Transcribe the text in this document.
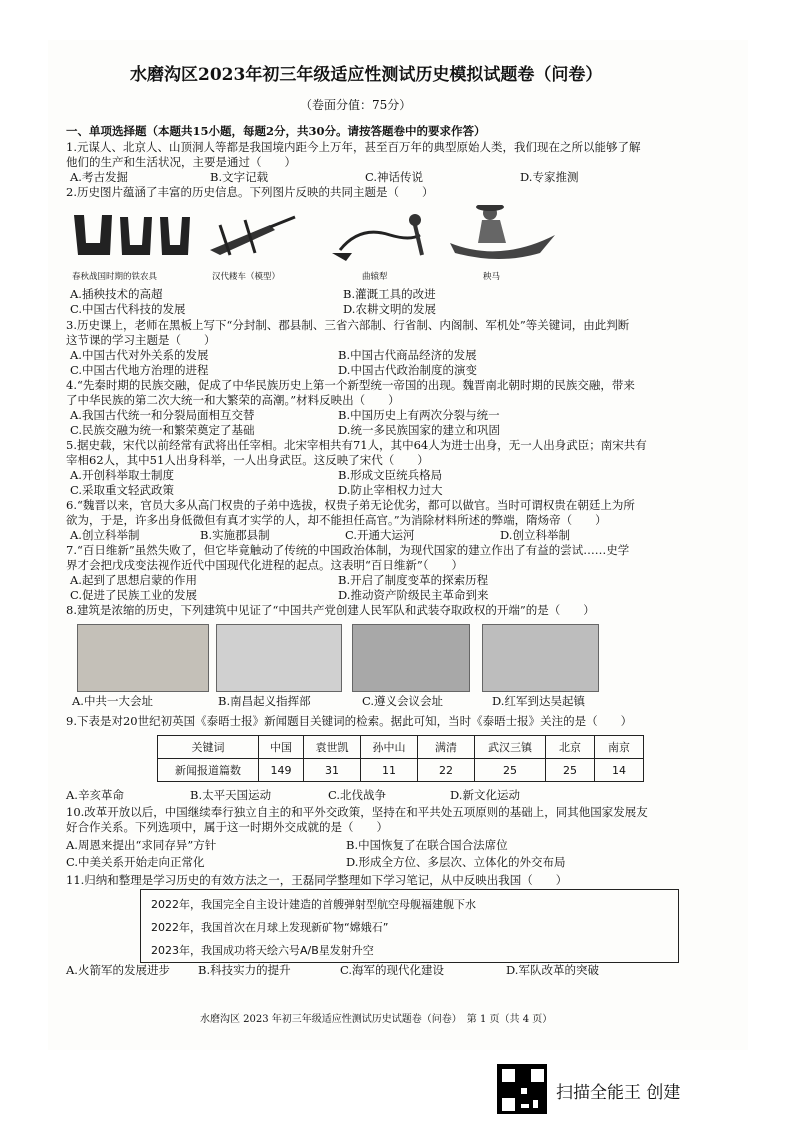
水磨沟区2023年初三年级适应性测试历史模拟试题卷（问卷）
（卷面分值：75分）
一、单项选择题（本题共15小题，每题2分，共30分。请按答题卷中的要求作答）
1.元谋人、北京人、山顶洞人等都是我国境内距今上万年，甚至百万年的典型原始人类，我们现在之所以能够了解
他们的生产和生活状况，主要是通过（　　）
A.考古发掘	B.文字记载	C.神话传说	D.专家推测
2.历史图片蕴涵了丰富的历史信息。下列图片反映的共同主题是（　　）
春秋战国时期的铁农具	汉代耧车（模型）	曲辕犁	秧马
A.插秧技术的高超	B.灌溉工具的改进
C.中国古代科技的发展	D.农耕文明的发展
3.历史课上，老师在黑板上写下“分封制、郡县制、三省六部制、行省制、内阁制、军机处”等关键词，由此判断
这节课的学习主题是（　　）
A.中国古代对外关系的发展	B.中国古代商品经济的发展
C.中国古代地方治理的进程	D.中国古代政治制度的演变
4.“先秦时期的民族交融，促成了中华民族历史上第一个新型统一帝国的出现。魏晋南北朝时期的民族交融，带来
了中华民族的第二次大统一和大繁荣的高潮。”材料反映出（　　）
A.我国古代统一和分裂局面相互交替	B.中国历史上有两次分裂与统一
C.民族交融为统一和繁荣奠定了基础	D.统一多民族国家的建立和巩固
5.据史载，宋代以前经常有武将出任宰相。北宋宰相共有71人，其中64人为进士出身，无一人出身武臣；南宋共有
宰相62人，其中51人出身科举，一人出身武臣。这反映了宋代（　　）
A.开创科举取士制度	B.形成文臣统兵格局
C.采取重文轻武政策	D.防止宰相权力过大
6.“魏晋以来，官员大多从高门权贵的子弟中选拔，权贵子弟无论优劣，都可以做官。当时可谓权贵在朝廷上为所
欲为，于是，许多出身低微但有真才实学的人，却不能担任高官。”为消除材料所述的弊端，隋炀帝（　　）
A.创立科举制	B.实施郡县制	C.开通大运河	D.创立科举制
7.“百日维新”虽然失败了，但它毕竟触动了传统的中国政治体制，为现代国家的建立作出了有益的尝试……史学
界才会把戊戌变法视作近代中国现代化进程的起点。这表明“百日维新”（　　）
A.起到了思想启蒙的作用	B.开启了制度变革的探索历程
C.促进了民族工业的发展	D.推动资产阶级民主革命到来
8.建筑是浓缩的历史，下列建筑中见证了“中国共产党创建人民军队和武装夺取政权的开端”的是（　　）
A.中共一大会址	B.南昌起义指挥部	C.遵义会议会址	D.红军到达吴起镇
9.下表是对20世纪初英国《泰晤士报》新闻题目关键词的检索。据此可知，当时《泰晤士报》关注的是（　　）
关键词	中国	袁世凯	孙中山	满清	武汉三镇	北京	南京
新闻报道篇数	149	31	11	22	25	25	14
A.辛亥革命	B.太平天国运动	C.北伐战争	D.新文化运动
10.改革开放以后，中国继续奉行独立自主的和平外交政策，坚持在和平共处五项原则的基础上，同其他国家发展友
好合作关系。下列选项中，属于这一时期外交成就的是（　　）
A.周恩来提出“求同存异”方针	B.中国恢复了在联合国合法席位
C.中美关系开始走向正常化	D.形成全方位、多层次、立体化的外交布局
11.归纳和整理是学习历史的有效方法之一，王磊同学整理如下学习笔记，从中反映出我国（　　）
2022年，我国完全自主设计建造的首艘弹射型航空母舰福建舰下水
2022年，我国首次在月球上发现新矿物“嫦娥石”
2023年，我国成功将天绘六号A/B星发射升空
A.火箭军的发展进步 B.科技实力的提升	C.海军的现代化建设	D.军队改革的突破
水磨沟区 2023 年初三年级适应性测试历史试题卷（问卷）　第 1 页（共 4 页）
扫描全能王 创建
